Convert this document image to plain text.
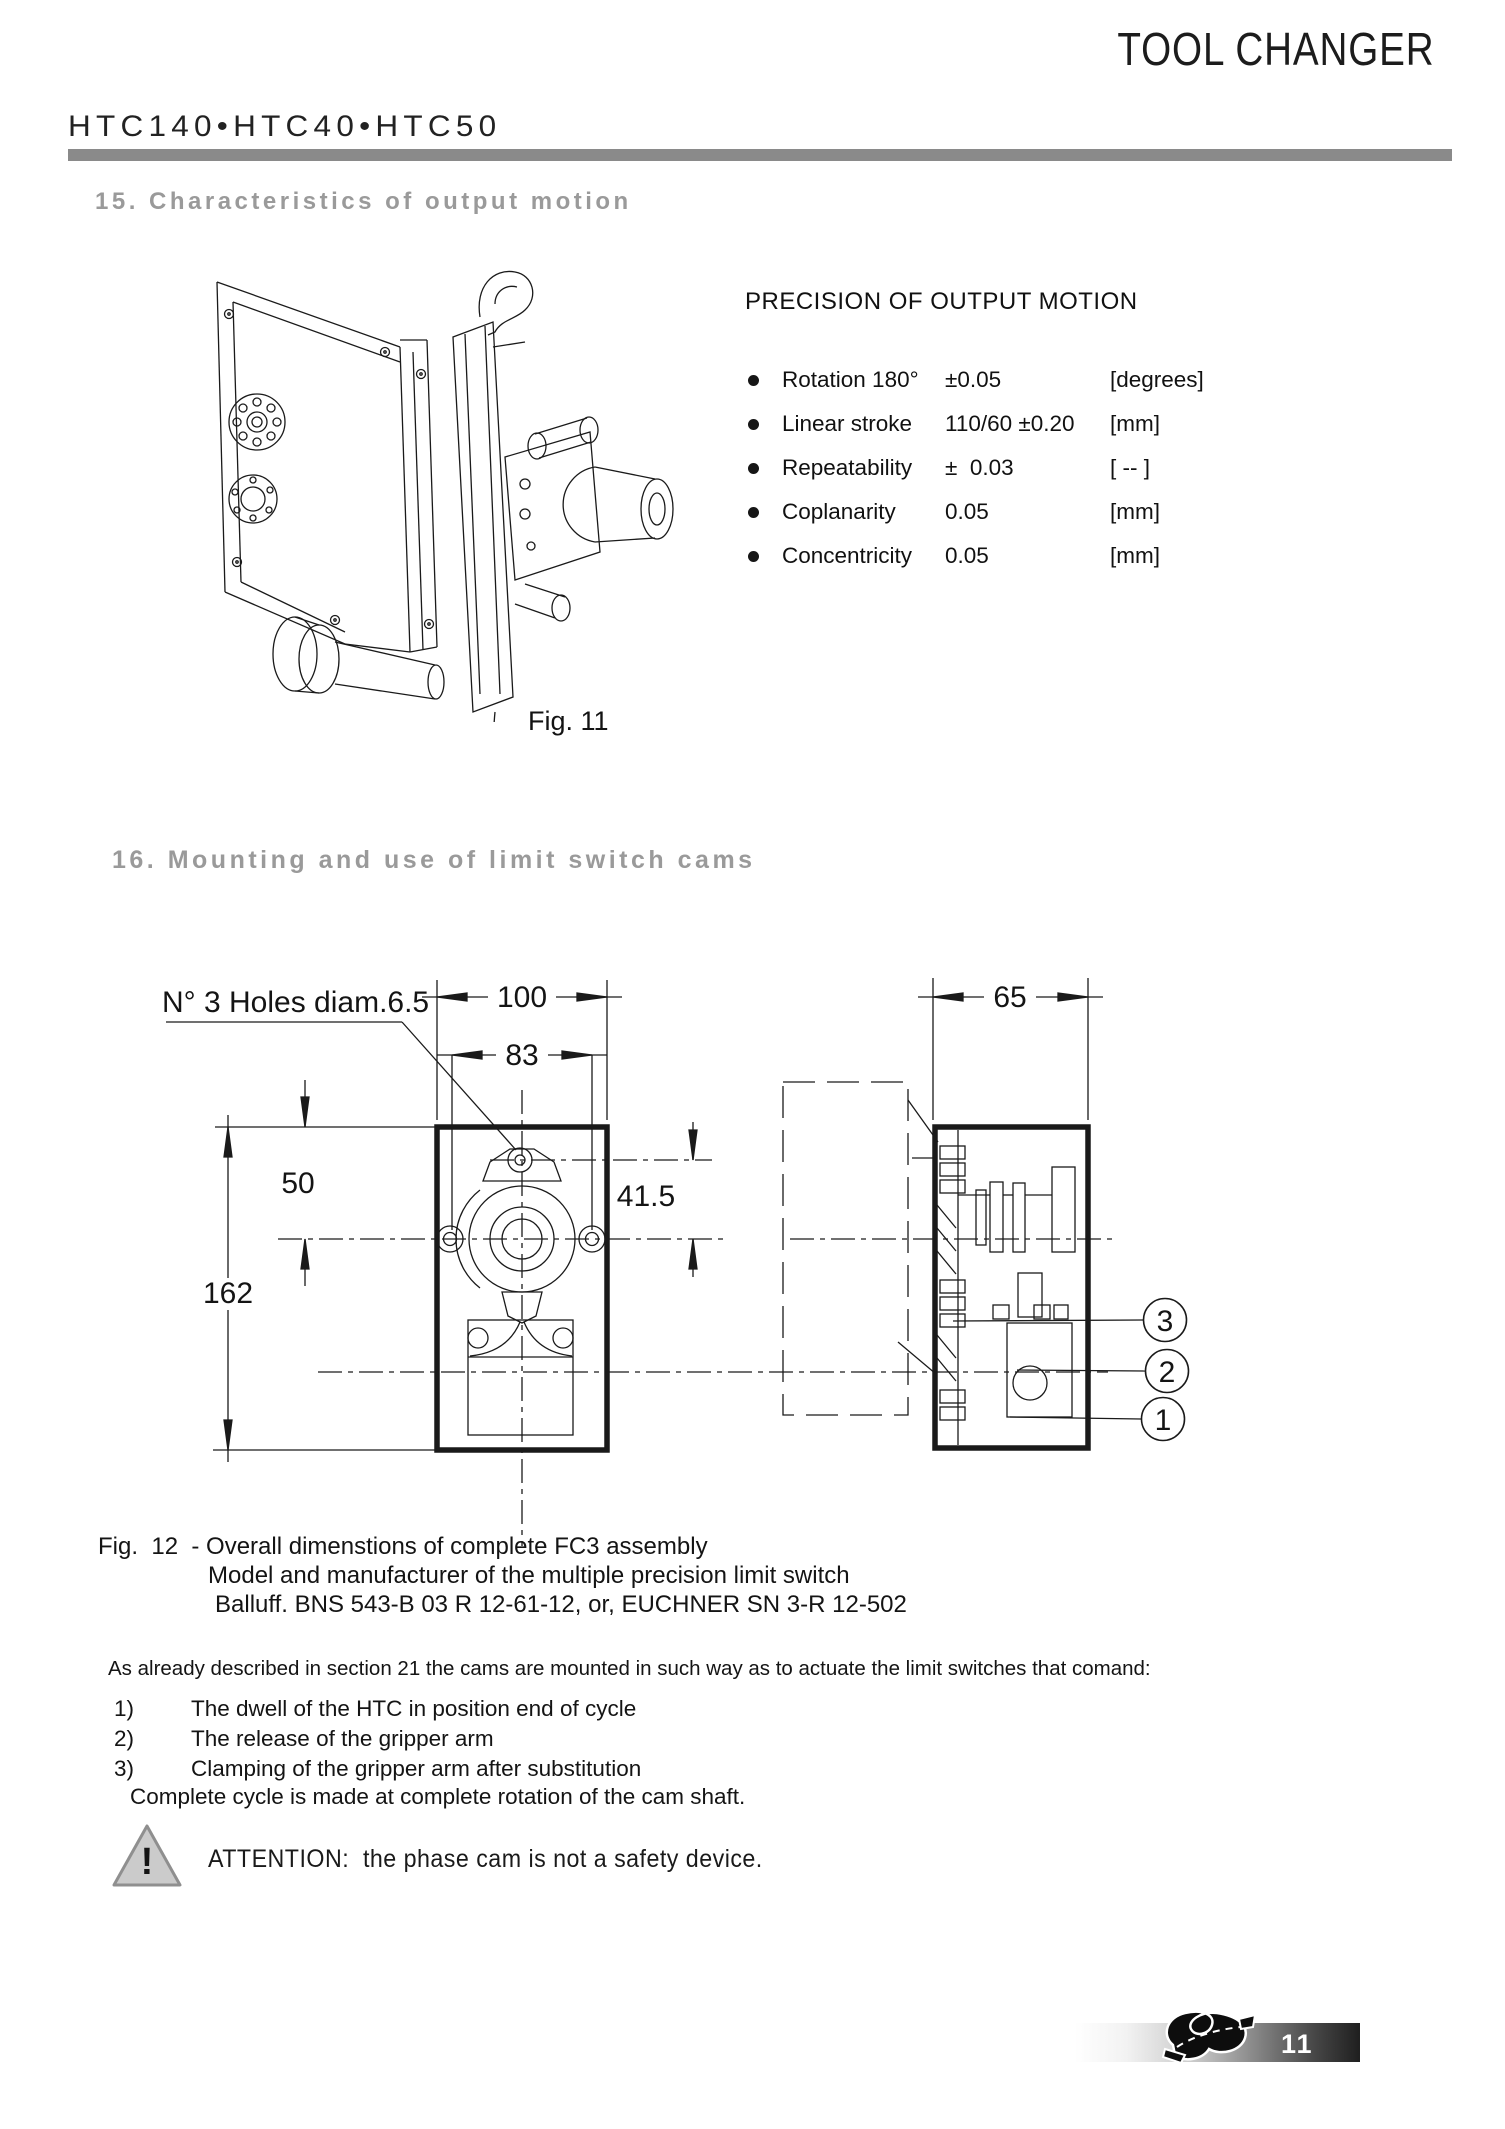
TOOL CHANGER
HTC140•HTC40•HTC50
15. Characteristics of output motion
Fig. 11
PRECISION OF OUTPUT MOTION
Rotation 180°	±0.05	[degrees]
Linear stroke	110/60 ±0.20	[mm]
Repeatability	±  0.03	[ -- ]
Coplanarity	0.05	[mm]
Concentricity	0.05	[mm]
16. Mounting and use of limit switch cams
N° 3 Holes diam.6.5 100
83
50
162
41.5
65
3
2
1
Fig.  12  - Overall dimenstions of complete FC3 assembly
Model and manufacturer of the multiple precision limit switch
Balluff. BNS 543-B 03 R 12-61-12, or, EUCHNER SN 3-R 12-502
As already described in section 21 the cams are mounted in such way as to actuate the limit switches that comand:
1)	The dwell of the HTC in position end of cycle
2)	The release of the gripper arm
3)	Clamping of the gripper arm after substitution
Complete cycle is made at complete rotation of the cam shaft.
! ATTENTION:  the phase cam is not a safety device.
11
